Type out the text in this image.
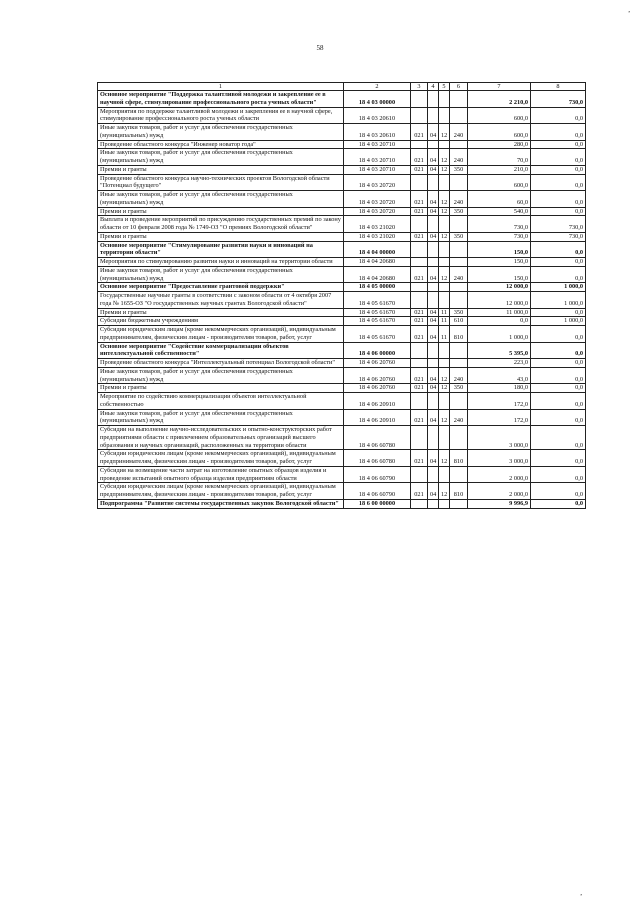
,
58
1	2	3	4	5	6	7	8
Основное мероприятие "Поддержка талантливой молодежи и закрепление ее в научной сфере, стимулирование профессионального роста ученых области"	18 4 03 00000					2 210,0	730,0
Мероприятия по поддержке талантливой молодежи и закрепления ее в научной сфере, стимулирование профессионального роста ученых области	18 4 03 20610					600,0	0,0
Иные закупки товаров, работ и услуг для обеспечения государственных (муниципальных) нужд	18 4 03 20610	021	04	12	240	600,0	0,0
Проведение областного конкурса "Инженер новатор года"	18 4 03 20710					280,0	0,0
Иные закупки товаров, работ и услуг для обеспечения государственных (муниципальных) нужд	18 4 03 20710	021	04	12	240	70,0	0,0
Премии и гранты	18 4 03 20710	021	04	12	350	210,0	0,0
Проведение областного конкурса научно-технических проектов Вологодской области "Потенциал будущего"	18 4 03 20720					600,0	0,0
Иные закупки товаров, работ и услуг для обеспечения государственных (муниципальных) нужд	18 4 03 20720	021	04	12	240	60,0	0,0
Премии и гранты	18 4 03 20720	021	04	12	350	540,0	0,0
Выплата и проведение мероприятий по присуждению государственных премий по закону области от 10 февраля 2008 года № 1749-ОЗ "О премиях Вологодской области"	18 4 03 21020					730,0	730,0
Премии и гранты	18 4 03 21020	021	04	12	350	730,0	730,0
Основное мероприятие "Стимулирование развития науки и инноваций на территории области"	18 4 04 00000					150,0	0,0
Мероприятия по стимулированию развития науки и инноваций на территории области	18 4 04 20680					150,0	0,0
Иные закупки товаров, работ и услуг для обеспечения государственных (муниципальных) нужд	18 4 04 20680	021	04	12	240	150,0	0,0
Основное мероприятие "Предоставление грантовой поддержки"	18 4 05 00000					12 000,0	1 000,0
Государственные научные гранты в соответствии с законом области от 4 октября 2007 года № 1655-ОЗ "О государственных научных грантах Вологодской области"	18 4 05 61670					12 000,0	1 000,0
Премии и гранты	18 4 05 61670	021	04	11	350	11 000,0	0,0
Субсидии бюджетным учреждениям	18 4 05 61670	021	04	11	610	0,0	1 000,0
Субсидии юридическим лицам (кроме некоммерческих организаций), индивидуальным предпринимателям, физическим лицам - производителям товаров, работ, услуг	18 4 05 61670	021	04	11	810	1 000,0	0,0
Основное мероприятие "Содействие коммерциализации объектов интеллектуальной собственности"	18 4 06 00000					5 395,0	0,0
Проведение областного конкурса "Интеллектуальный потенциал Вологодской области"	18 4 06 20760					223,0	0,0
Иные закупки товаров, работ и услуг для обеспечения государственных (муниципальных) нужд	18 4 06 20760	021	04	12	240	43,0	0,0
Премии и гранты	18 4 06 20760	021	04	12	350	180,0	0,0
Мероприятие по содействию коммерциализации объектов интеллектуальной собственностью	18 4 06 20910					172,0	0,0
Иные закупки товаров, работ и услуг для обеспечения государственных (муниципальных) нужд	18 4 06 20910	021	04	12	240	172,0	0,0
Субсидии на выполнение научно-исследовательских и опытно-конструкторских работ предприятиями области с привлечением образовательных организаций высшего образования и научных организаций, расположенных на территории области	18 4 06 60780					3 000,0	0,0
Субсидии юридическим лицам (кроме некоммерческих организаций), индивидуальным предпринимателям, физическим лицам - производителям товаров, работ, услуг	18 4 06 60780	021	04	12	810	3 000,0	0,0
Субсидия на возмещение части затрат на изготовление опытных образцов изделия и проведение испытаний опытного образца изделия предприятиям области	18 4 06 60790					2 000,0	0,0
Субсидии юридическим лицам (кроме некоммерческих организаций), индивидуальным предпринимателям, физическим лицам - производителям товаров, работ, услуг	18 4 06 60790	021	04	12	810	2 000,0	0,0
Подпрограмма "Развитие системы государственных закупок Вологодской области"	18 6 00 00000					9 996,9	0,0
,
